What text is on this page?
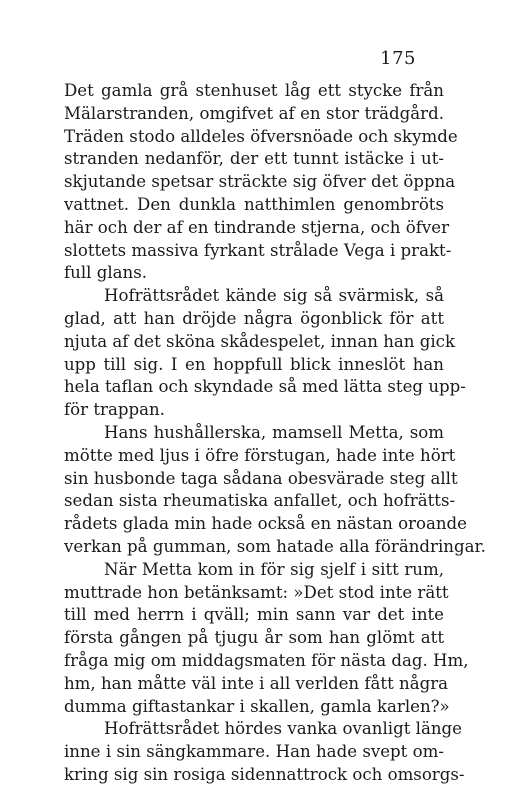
175
Det gamla grå stenhuset låg ett stycke från
Mälarstranden, omgifvet af en stor trädgård.
Träden stodo alldeles öfversnöade och skymde
stranden nedanför, der ett tunnt istäcke i ut-
skjutande spetsar sträckte sig öfver det öppna
vattnet. Den dunkla natthimlen genombröts
här och der af en tindrande stjerna, och öfver
slottets massiva fyrkant strålade Vega i prakt-
full glans.
Hofrättsrådet kände sig så svärmisk, så
glad, att han dröjde några ögonblick för att
njuta af det sköna skådespelet, innan han gick
upp till sig. I en hoppfull blick inneslöt han
hela taflan och skyndade så med lätta steg upp-
för trappan.
Hans hushållerska, mamsell Metta, som
mötte med ljus i öfre förstugan, hade inte hört
sin husbonde taga sådana obesvärade steg allt
sedan sista rheumatiska anfallet, och hofrätts-
rådets glada min hade också en nästan oroande
verkan på gumman, som hatade alla förändringar.
När Metta kom in för sig sjelf i sitt rum,
muttrade hon betänksamt: »Det stod inte rätt
till med herrn i qväll; min sann var det inte
första gången på tjugu år som han glömt att
fråga mig om middagsmaten för nästa dag. Hm,
hm, han måtte väl inte i all verlden fått några
dumma giftastankar i skallen, gamla karlen?»
Hofrättsrådet hördes vanka ovanligt länge
inne i sin sängkammare. Han hade svept om-
kring sig sin rosiga sidennattrock och omsorgs-
